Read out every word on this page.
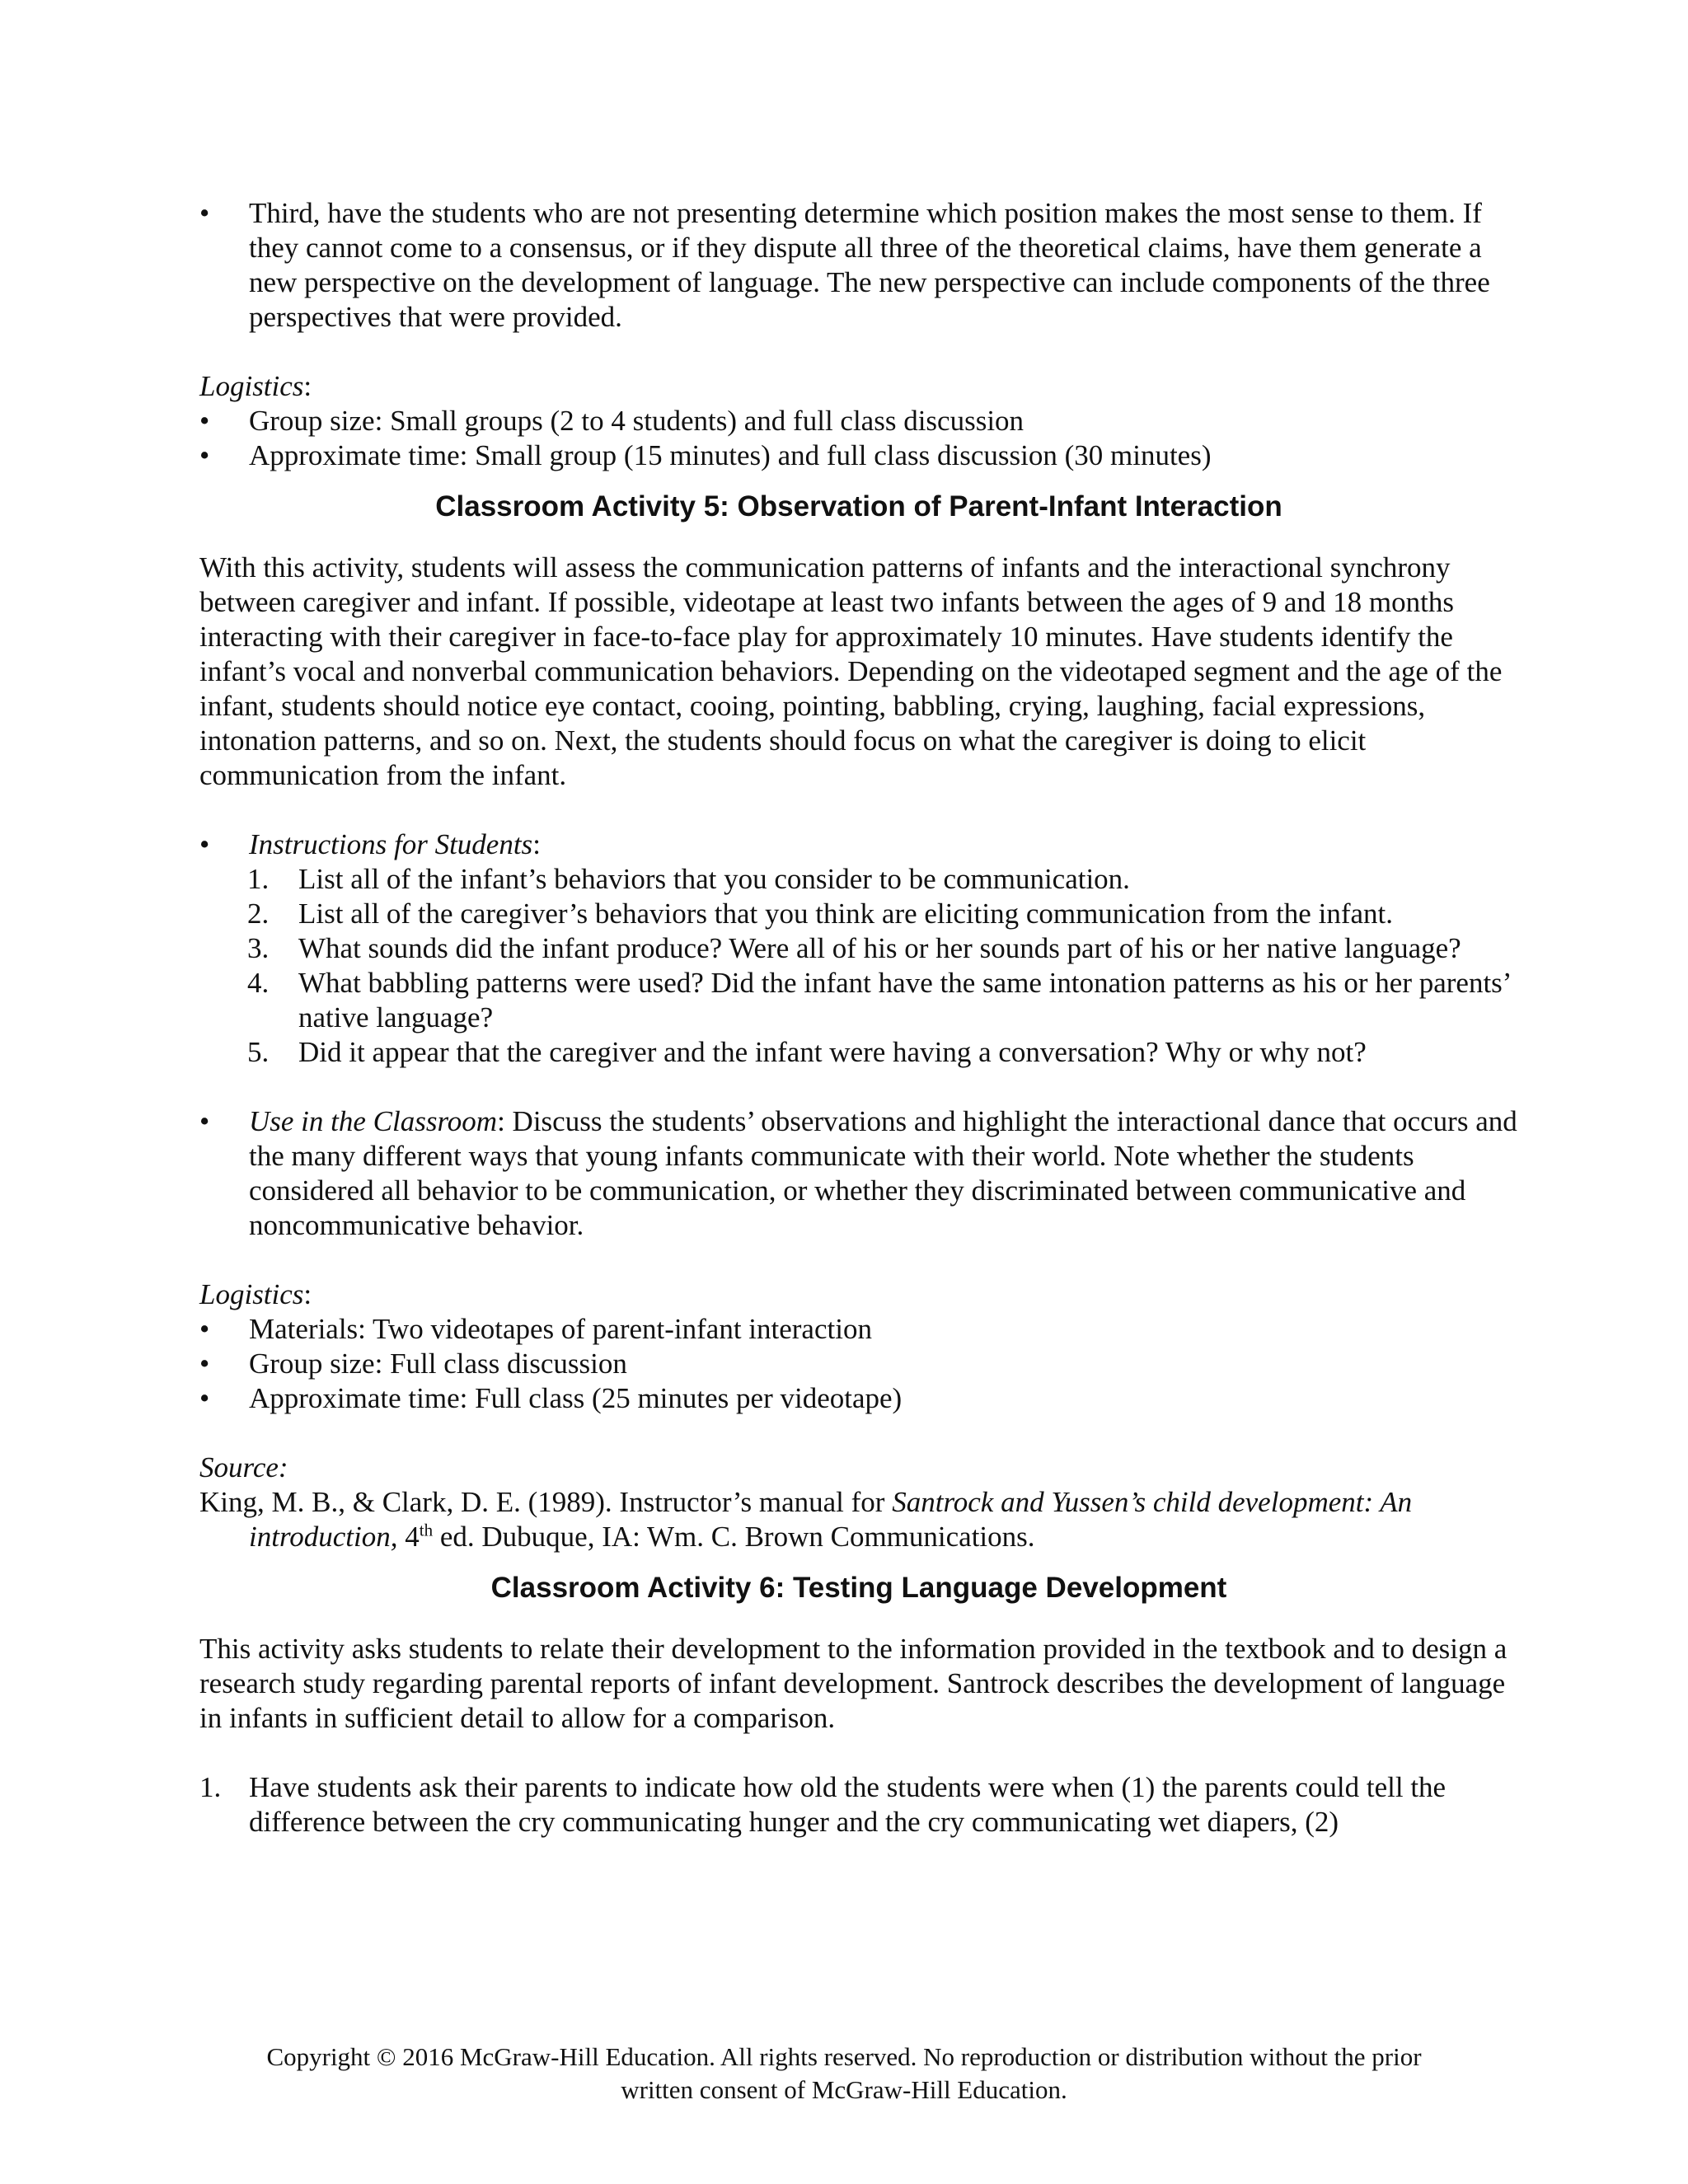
•	Third, have the students who are not presenting determine which position makes the most sense to them. If they cannot come to a consensus, or if they dispute all three of the theoretical claims, have them generate a new perspective on the development of language. The new perspective can include components of the three perspectives that were provided.

Logistics:

•	Group size: Small groups (2 to 4 students) and full class discussion

•	Approximate time: Small group (15 minutes) and full class discussion (30 minutes)

Classroom Activity 5: Observation of Parent-Infant Interaction

With this activity, students will assess the communication patterns of infants and the interactional synchrony between caregiver and infant. If possible, videotape at least two infants between the ages of 9 and 18 months interacting with their caregiver in face-to-face play for approximately 10 minutes. Have students identify the infant’s vocal and nonverbal communication behaviors. Depending on the videotaped segment and the age of the infant, students should notice eye contact, cooing, pointing, babbling, crying, laughing, facial expressions, intonation patterns, and so on. Next, the students should focus on what the caregiver is doing to elicit communication from the infant.

•	Instructions for Students:

1. List all of the infant’s behaviors that you consider to be communication.

2. List all of the caregiver’s behaviors that you think are eliciting communication from the infant.

3. What sounds did the infant produce? Were all of his or her sounds part of his or her native language?

4. What babbling patterns were used? Did the infant have the same intonation patterns as his or her parents’ native language?

5. Did it appear that the caregiver and the infant were having a conversation? Why or why not?

•	Use in the Classroom: Discuss the students’ observations and highlight the interactional dance that occurs and the many different ways that young infants communicate with their world. Note whether the students considered all behavior to be communication, or whether they discriminated between communicative and noncommunicative behavior.

Logistics:

•	Materials: Two videotapes of parent-infant interaction

•	Group size: Full class discussion

•	Approximate time: Full class (25 minutes per videotape)

Source:

King, M. B., & Clark, D. E. (1989). Instructor’s manual for Santrock and Yussen’s child development: An introduction, 4th ed. Dubuque, IA: Wm. C. Brown Communications.

Classroom Activity 6: Testing Language Development

This activity asks students to relate their development to the information provided in the textbook and to design a research study regarding parental reports of infant development. Santrock describes the development of language in infants in sufficient detail to allow for a comparison.

1. Have students ask their parents to indicate how old the students were when (1) the parents could tell the difference between the cry communicating hunger and the cry communicating wet diapers, (2)

Copyright © 2016 McGraw-Hill Education. All rights reserved. No reproduction or distribution without the prior
written consent of McGraw-Hill Education.
